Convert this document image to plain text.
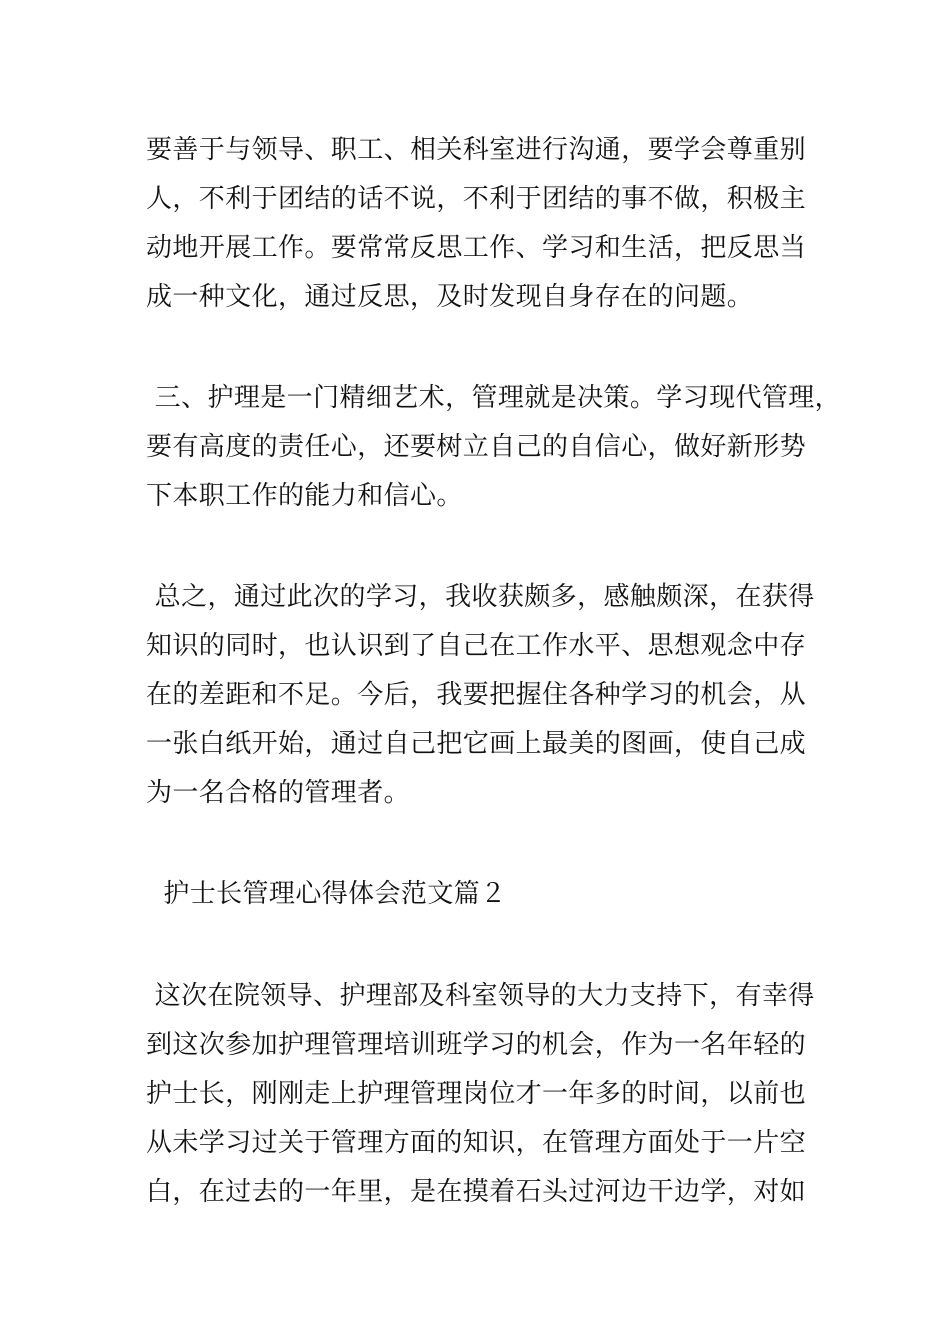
要善于与领导、职工、相关科室进行沟通，要学会尊重别
人，不利于团结的话不说，不利于团结的事不做，积极主
动地开展工作。要常常反思工作、学习和生活，把反思当
成一种文化，通过反思，及时发现自身存在的问题。
三、护理是一门精细艺术，管理就是决策。学习现代管理，
要有高度的责任心，还要树立自己的自信心，做好新形势
下本职工作的能力和信心。
总之，通过此次的学习，我收获颇多，感触颇深，在获得
知识的同时，也认识到了自己在工作水平、思想观念中存
在的差距和不足。今后，我要把握住各种学习的机会，从
一张白纸开始，通过自己把它画上最美的图画，使自己成
为一名合格的管理者。
护士长管理心得体会范文篇２
这次在院领导、护理部及科室领导的大力支持下，有幸得
到这次参加护理管理培训班学习的机会，作为一名年轻的
护士长，刚刚走上护理管理岗位才一年多的时间，以前也
从未学习过关于管理方面的知识，在管理方面处于一片空
白，在过去的一年里，是在摸着石头过河边干边学，对如
